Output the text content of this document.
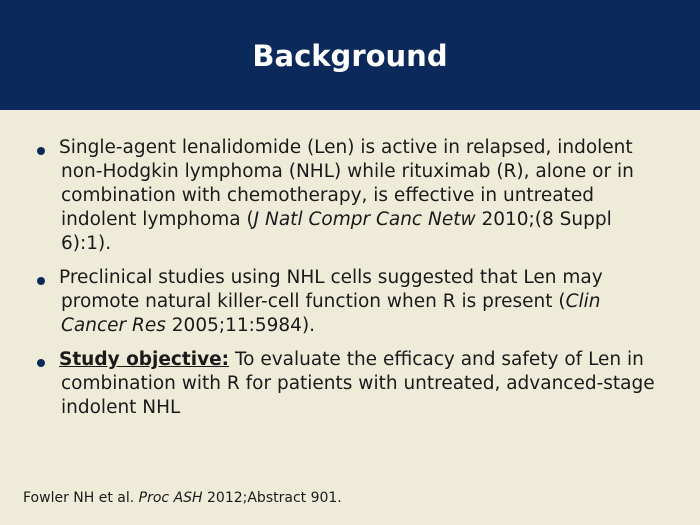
Background
Single-agent lenalidomide (Len) is active in relapsed, indolent non-Hodgkin lymphoma (NHL) while rituximab (R), alone or in combination with chemotherapy, is effective in untreated indolent lymphoma (J Natl Compr Canc Netw 2010;(8 Suppl 6):1).
Preclinical studies using NHL cells suggested that Len may promote natural killer-cell function when R is present (Clin Cancer Res 2005;11:5984).
Study objective: To evaluate the efficacy and safety of Len in combination with R for patients with untreated, advanced-stage indolent NHL
Fowler NH et al. Proc ASH 2012;Abstract 901.
